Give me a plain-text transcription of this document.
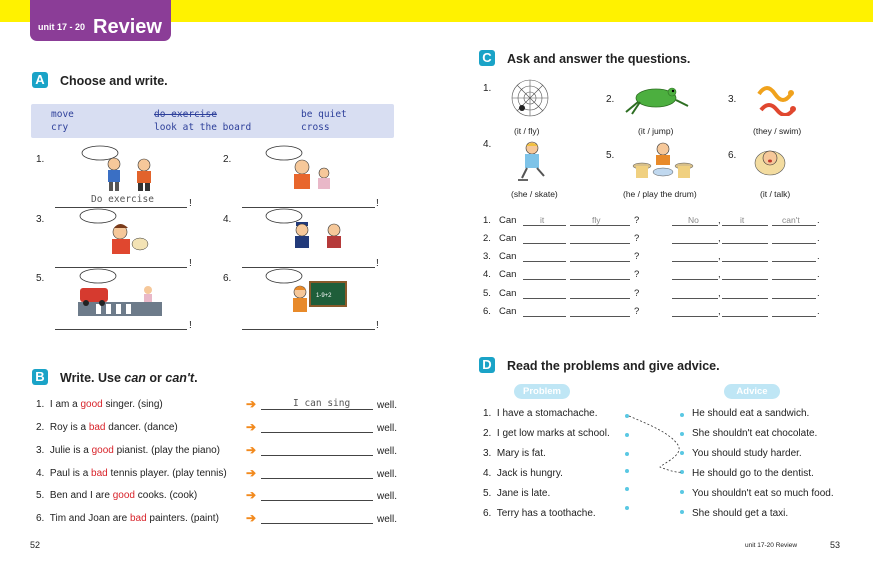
unit 17 - 20 Review
A Choose and write.
move	do exercise	be quiet
cry	look at the board	cross
1.
Do exercise	!
2.
!
3.
!
4.
!
5.
!
6.
1-9+2
!
B Write. Use can or can't.
1. I am a good singer. (sing)	➔	I can sing	well.
2. Roy is a bad dancer. (dance)	➔	well.
3. Julie is a good pianist. (play the piano) ➔	well.
4. Paul is a bad tennis player. (play tennis) ➔	well.
5. Ben and I are good cooks. (cook)	➔	well.
6. Tim and Joan are bad painters. (paint) ➔	well.
C Ask and answer the questions.
1.
(it / fly)
2.
(it / jump)
3.
(they / swim)
4.
(she / skate)
5.
(he / play the drum)
6.
(it / talk)
1. Can	it	fly	?	No , it	can't .
2. Can	?	,	.
3. Can	?	,	.
4. Can	?	,	.
5. Can	?	,	.
6. Can	?	,	.
D Read the problems and give advice.
Problem	Advice
1. I have a stomachache.
2. I get low marks at school.
3. Mary is fat.
4. Jack is hungry.
5. Jane is late.
6. Terry has a toothache.
He should eat a sandwich.
She shouldn't eat chocolate.
You should study harder.
He should go to the dentist.
You shouldn't eat so much food.
She should get a taxi.
52	unit 17-20 Review	53
